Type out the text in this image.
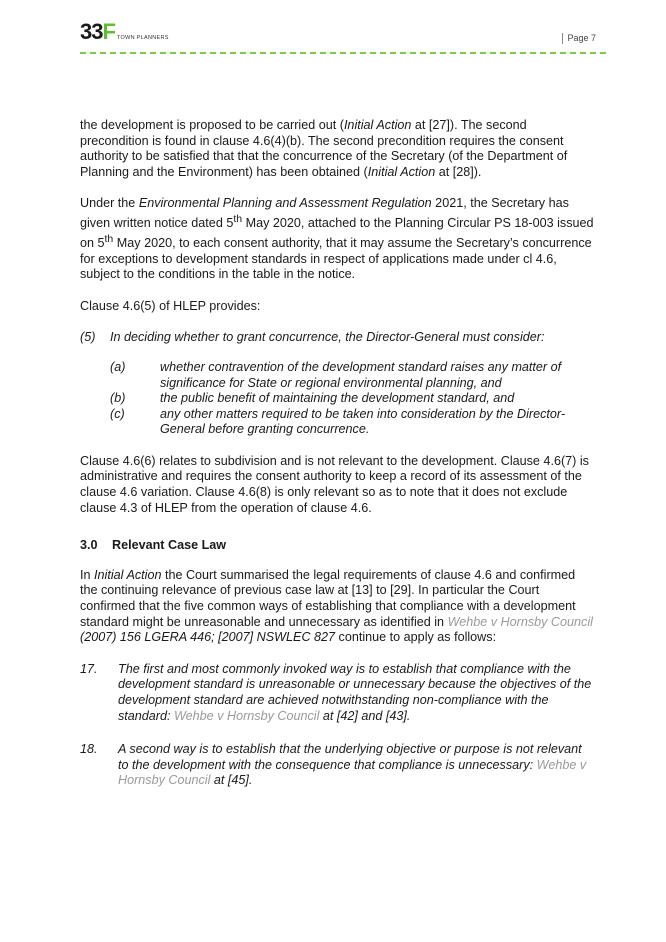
33F TOWN PLANNERS	Page 7

the development is proposed to be carried out (Initial Action at [27]). The second precondition is found in clause 4.6(4)(b). The second precondition requires the consent authority to be satisfied that that the concurrence of the Secretary (of the Department of Planning and the Environment) has been obtained (Initial Action at [28]).

Under the Environmental Planning and Assessment Regulation 2021, the Secretary has given written notice dated 5th May 2020, attached to the Planning Circular PS 18-003 issued on 5th May 2020, to each consent authority, that it may assume the Secretary’s concurrence for exceptions to development standards in respect of applications made under cl 4.6, subject to the conditions in the table in the notice.

Clause 4.6(5) of HLEP provides:

(5)	In deciding whether to grant concurrence, the Director-General must consider:
(a)	whether contravention of the development standard raises any matter of significance for State or regional environmental planning, and
(b)	the public benefit of maintaining the development standard, and
(c)	any other matters required to be taken into consideration by the Director-General before granting concurrence.

Clause 4.6(6) relates to subdivision and is not relevant to the development. Clause 4.6(7) is administrative and requires the consent authority to keep a record of its assessment of the clause 4.6 variation. Clause 4.6(8) is only relevant so as to note that it does not exclude clause 4.3 of HLEP from the operation of clause 4.6.

3.0	Relevant Case Law

In Initial Action the Court summarised the legal requirements of clause 4.6 and confirmed the continuing relevance of previous case law at [13] to [29]. In particular the Court confirmed that the five common ways of establishing that compliance with a development standard might be unreasonable and unnecessary as identified in Wehbe v Hornsby Council (2007) 156 LGERA 446; [2007] NSWLEC 827 continue to apply as follows:

17.	The first and most commonly invoked way is to establish that compliance with the development standard is unreasonable or unnecessary because the objectives of the development standard are achieved notwithstanding non-compliance with the standard: Wehbe v Hornsby Council at [42] and [43].
18.	A second way is to establish that the underlying objective or purpose is not relevant to the development with the consequence that compliance is unnecessary: Wehbe v Hornsby Council at [45].
